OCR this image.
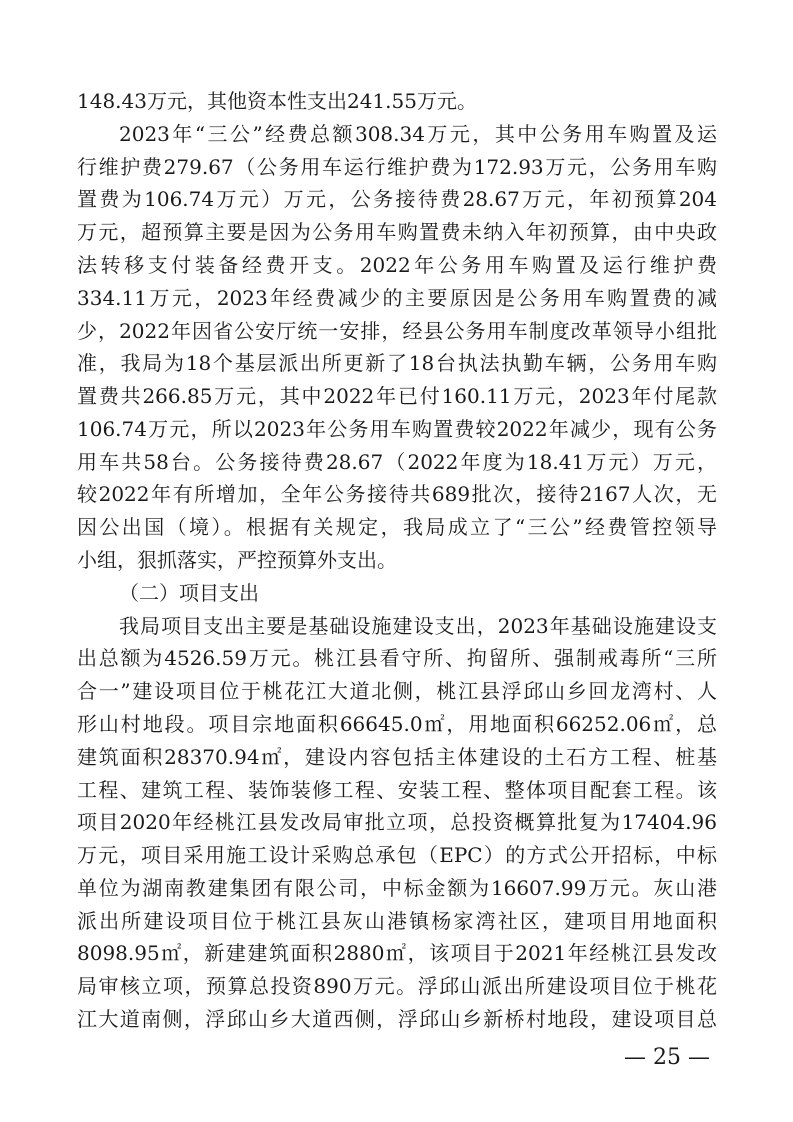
148.43万元，其他资本性支出241.55万元。
2023年“三公”经费总额308.34万元，其中公务用车购置及运
行维护费279.67（公务用车运行维护费为172.93万元，公务用车购
置费为106.74万元）万元，公务接待费28.67万元，年初预算204
万元，超预算主要是因为公务用车购置费未纳入年初预算，由中央政
法转移支付装备经费开支。2022年公务用车购置及运行维护费
334.11万元，2023年经费减少的主要原因是公务用车购置费的减
少，2022年因省公安厅统一安排，经县公务用车制度改革领导小组批
准，我局为18个基层派出所更新了18台执法执勤车辆，公务用车购
置费共266.85万元，其中2022年已付160.11万元，2023年付尾款
106.74万元，所以2023年公务用车购置费较2022年减少，现有公务
用车共58台。公务接待费28.67（2022年度为18.41万元）万元，
较2022年有所增加，全年公务接待共689批次，接待2167人次，无
因公出国（境）。根据有关规定，我局成立了“三公”经费管控领导
小组，狠抓落实，严控预算外支出。
（二）项目支出
我局项目支出主要是基础设施建设支出，2023年基础设施建设支
出总额为4526.59万元。桃江县看守所、拘留所、强制戒毒所“三所
合一”建设项目位于桃花江大道北侧，桃江县浮邱山乡回龙湾村、人
形山村地段。项目宗地面积66645.0㎡，用地面积66252.06㎡，总
建筑面积28370.94㎡，建设内容包括主体建设的土石方工程、桩基
工程、建筑工程、装饰装修工程、安装工程、整体项目配套工程。该
项目2020年经桃江县发改局审批立项，总投资概算批复为17404.96
万元，项目采用施工设计采购总承包（EPC）的方式公开招标，中标
单位为湖南教建集团有限公司，中标金额为16607.99万元。灰山港
派出所建设项目位于桃江县灰山港镇杨家湾社区，建项目用地面积
8098.95㎡，新建建筑面积2880㎡，该项目于2021年经桃江县发改
局审核立项，预算总投资890万元。浮邱山派出所建设项目位于桃花
江大道南侧，浮邱山乡大道西侧，浮邱山乡新桥村地段，建设项目总
— 25 —
